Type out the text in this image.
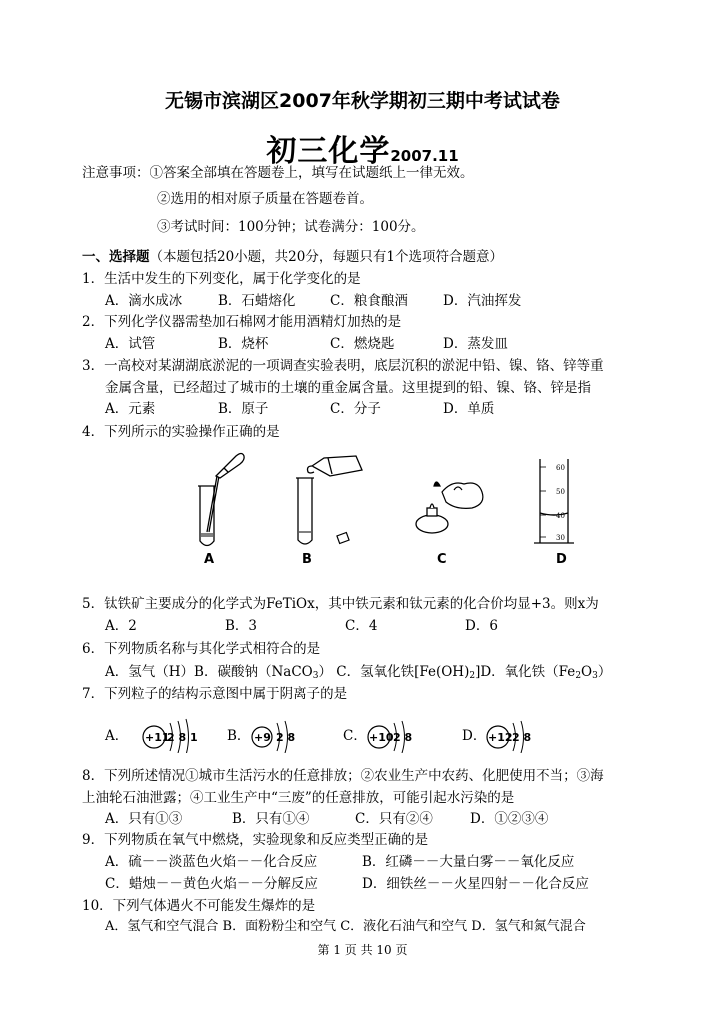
无锡市滨湖区2007年秋学期初三期中考试试卷
初三化学2007.11
注意事项：①答案全部填在答题卷上，填写在试题纸上一律无效。
②选用的相对原子质量在答题卷首。
③考试时间：100分钟；试卷满分：100分。
一、选择题（本题包括20小题，共20分，每题只有1个选项符合题意）
1．生活中发生的下列变化，属于化学变化的是
A．滴水成冰	B．石蜡熔化	C．粮食酿酒	D．汽油挥发
2．下列化学仪器需垫加石棉网才能用酒精灯加热的是
A．试管	B．烧杯	C．燃烧匙	D．蒸发皿
3．一高校对某湖湖底淤泥的一项调查实验表明，底层沉积的淤泥中铅、镍、铬、锌等重
金属含量，已经超过了城市的土壤的重金属含量。这里提到的铅、镍、铬、锌是指
A．元素	B．原子	C．分子	D．单质
4．下列所示的实验操作正确的是
A	B	C
60
50
40
30
D
5．钛铁矿主要成分的化学式为FeTiOx，其中铁元素和钛元素的化合价均显+3。则x为
A．2	B．3	C．4	D．6
6．下列物质名称与其化学式相符合的是
A．氢气（H）B．碳酸钠（NaCO$_3$） C．氢氧化铁$[Fe(OH)_2]D$．氧化铁$(Fe_2O_3)$
7．下列粒子的结构示意图中属于阴离子的是
A． +11
2 8 1 B． +9 2 8	C． +10 2 8	D． +12 2 8
8．下列所述情况①城市生活污水的任意排放；②农业生产中农药、化肥使用不当；③海
上油轮石油泄露；④工业生产中“三废”的任意排放，可能引起水污染的是
A．只有①③	B．只有①④	C．只有②④	D．①②③④
9．下列物质在氧气中燃烧，实验现象和反应类型正确的是
A．硫－－淡蓝色火焰－－化合反应	B．红磷－－大量白雾－－氧化反应
C．蜡烛－－黄色火焰－－分解反应	D．细铁丝－－火星四射－－化合反应
10．下列气体遇火不可能发生爆炸的是
A．氢气和空气混合 B．面粉粉尘和空气 C．液化石油气和空气 D．氢气和氮气混合
第 1 页 共 10 页
